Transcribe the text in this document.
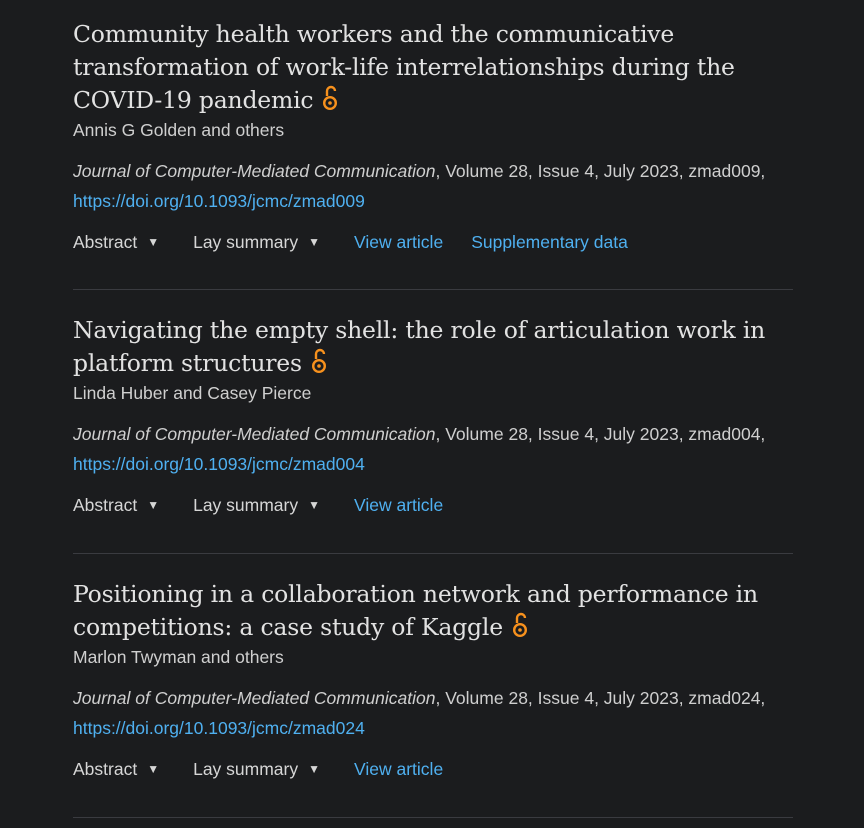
Community health workers and the communicative transformation of work-life interrelationships during the COVID-19 pandemic

Annis G Golden and others

Journal of Computer-Mediated Communication, Volume 28, Issue 4, July 2023, zmad009, https://doi.org/10.1093/jcmc/zmad009

Abstract ▼ Lay summary ▼ View article Supplementary data
Navigating the empty shell: the role of articulation work in platform structures

Linda Huber and Casey Pierce

Journal of Computer-Mediated Communication, Volume 28, Issue 4, July 2023, zmad004, https://doi.org/10.1093/jcmc/zmad004

Abstract ▼ Lay summary ▼ View article
Positioning in a collaboration network and performance in competitions: a case study of Kaggle

Marlon Twyman and others

Journal of Computer-Mediated Communication, Volume 28, Issue 4, July 2023, zmad024, https://doi.org/10.1093/jcmc/zmad024

Abstract ▼ Lay summary ▼ View article
